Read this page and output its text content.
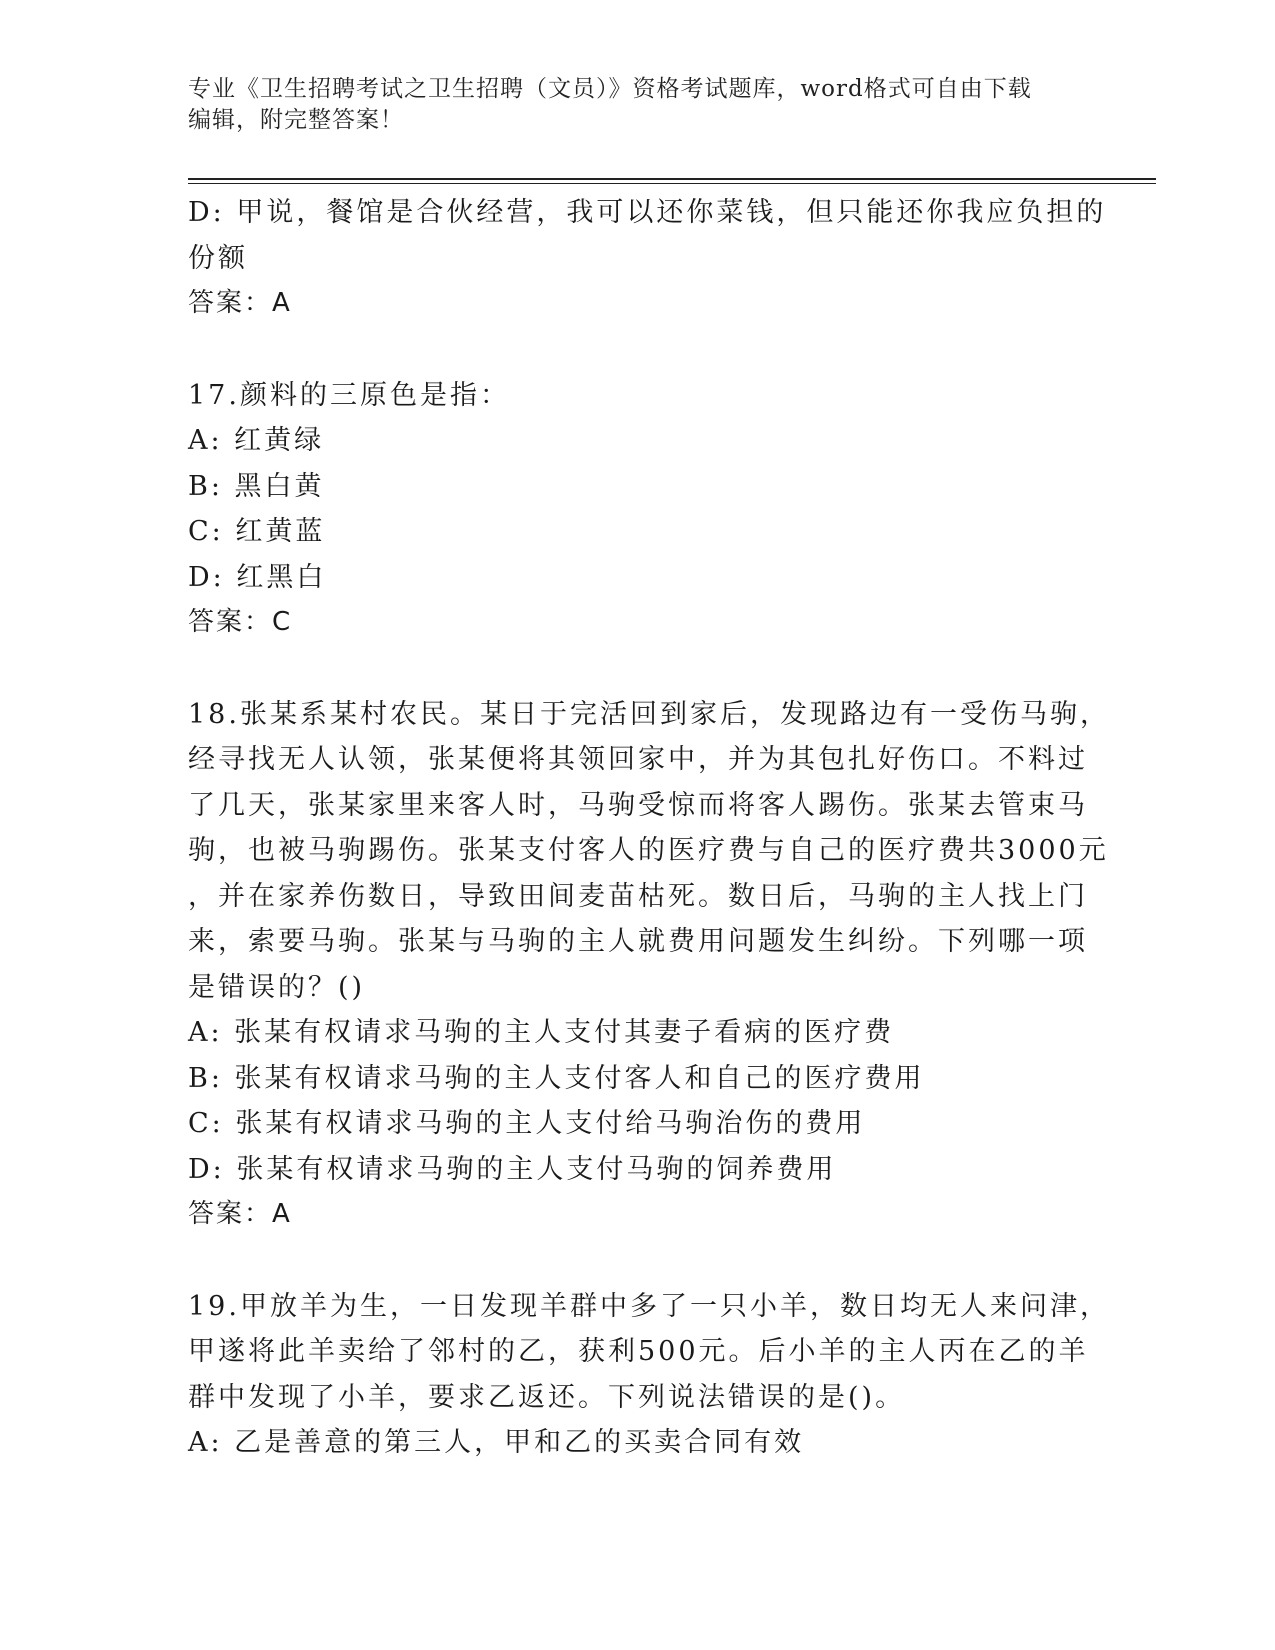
专业《卫生招聘考试之卫生招聘（文员）》资格考试题库，word格式可自由下载
编辑，附完整答案！
D: 甲说，餐馆是合伙经营，我可以还你菜钱，但只能还你我应负担的
份额
答案：A
17.颜料的三原色是指：
A: 红黄绿
B: 黑白黄
C: 红黄蓝
D: 红黑白
答案：C
18.张某系某村农民。某日于完活回到家后，发现路边有一受伤马驹，
经寻找无人认领，张某便将其领回家中，并为其包扎好伤口。不料过
了几天，张某家里来客人时，马驹受惊而将客人踢伤。张某去管束马
驹，也被马驹踢伤。张某支付客人的医疗费与自己的医疗费共3000元
，并在家养伤数日，导致田间麦苗枯死。数日后，马驹的主人找上门
来，索要马驹。张某与马驹的主人就费用问题发生纠纷。下列哪一项
是错误的？()
A: 张某有权请求马驹的主人支付其妻子看病的医疗费
B: 张某有权请求马驹的主人支付客人和自己的医疗费用
C: 张某有权请求马驹的主人支付给马驹治伤的费用
D: 张某有权请求马驹的主人支付马驹的饲养费用
答案：A
19.甲放羊为生，一日发现羊群中多了一只小羊，数日均无人来问津，
甲遂将此羊卖给了邻村的乙，获利500元。后小羊的主人丙在乙的羊
群中发现了小羊，要求乙返还。下列说法错误的是()。
A: 乙是善意的第三人，甲和乙的买卖合同有效
